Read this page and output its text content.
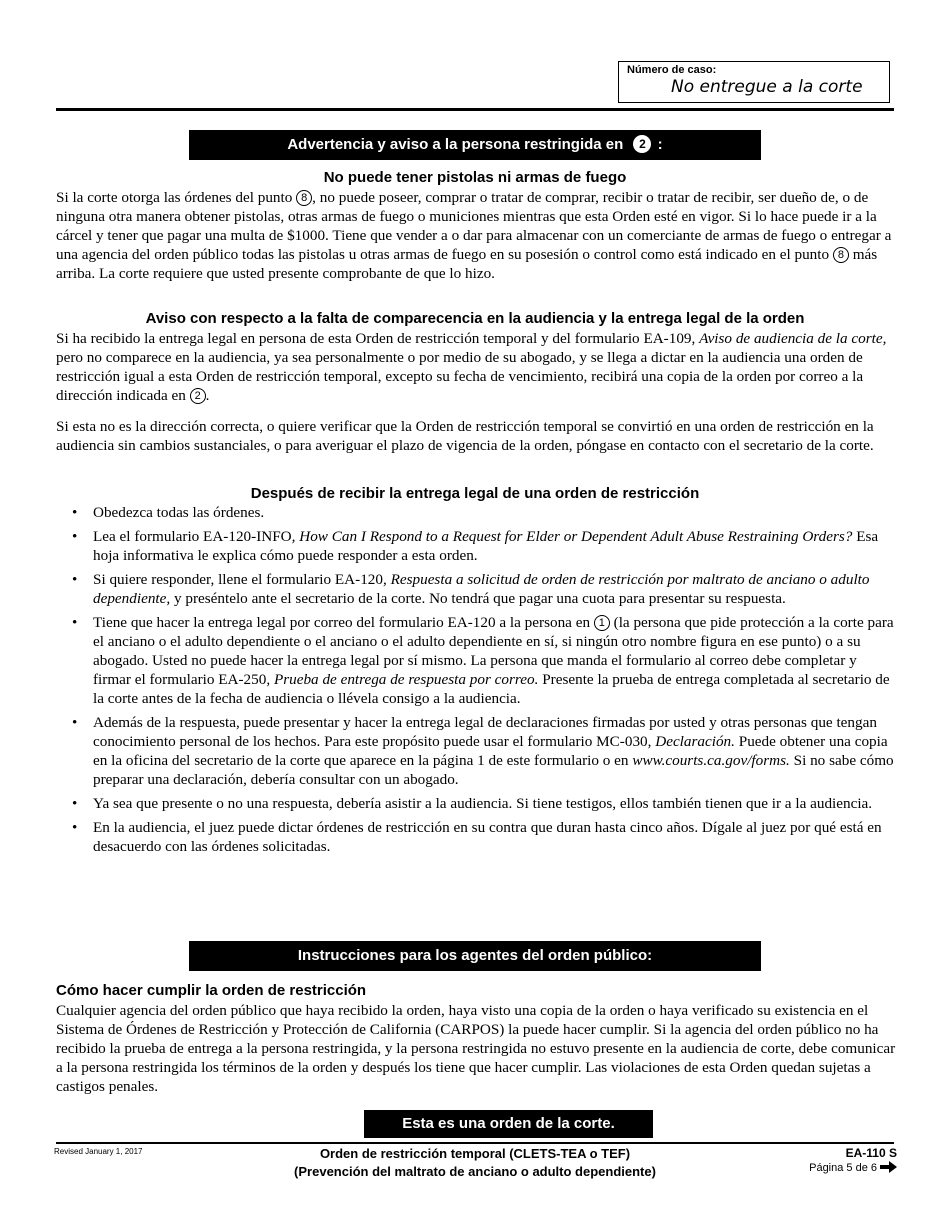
Número de caso:
No entregue a la corte
Advertencia y aviso a la persona restringida en 2 :
No puede tener pistolas ni armas de fuego
Si la corte otorga las órdenes del punto 8 , no puede poseer, comprar o tratar de comprar, recibir o tratar de recibir, ser dueño de, o de ninguna otra manera obtener pistolas, otras armas de fuego o municiones mientras que esta Orden esté en vigor. Si lo hace puede ir a la cárcel y tener que pagar una multa de $1000. Tiene que vender a o dar para almacenar con un comerciante de armas de fuego o entregar a una agencia del orden público todas las pistolas u otras armas de fuego en su posesión o control como está indicado en el punto 8 más arriba. La corte requiere que usted presente comprobante de que lo hizo.
Aviso con respecto a la falta de comparecencia en la audiencia y la entrega legal de la orden
Si ha recibido la entrega legal en persona de esta Orden de restricción temporal y del formulario EA-109, Aviso de audiencia de la corte, pero no comparece en la audiencia, ya sea personalmente o por medio de su abogado, y se llega a dictar en la audiencia una orden de restricción igual a esta Orden de restricción temporal, excepto su fecha de vencimiento, recibirá una copia de la orden por correo a la dirección indicada en 2 .
Si esta no es la dirección correcta, o quiere verificar que la Orden de restricción temporal se convirtió en una orden de restricción en la audiencia sin cambios sustanciales, o para averiguar el plazo de vigencia de la orden, póngase en contacto con el secretario de la corte.
Después de recibir la entrega legal de una orden de restricción
• Obedezca todas las órdenes.
• Lea el formulario EA-120-INFO, How Can I Respond to a Request for Elder or Dependent Adult Abuse Restraining Orders? Esa hoja informativa le explica cómo puede responder a esta orden.
• Si quiere responder, llene el formulario EA-120, Respuesta a solicitud de orden de restricción por maltrato de anciano o adulto dependiente, y preséntelo ante el secretario de la corte. No tendrá que pagar una cuota para presentar su respuesta.
• Tiene que hacer la entrega legal por correo del formulario EA-120 a la persona en 1 (la persona que pide protección a la corte para el anciano o el adulto dependiente o el anciano o el adulto dependiente en sí, si ningún otro nombre figura en ese punto) o a su abogado. Usted no puede hacer la entrega legal por sí mismo. La persona que manda el formulario al correo debe completar y firmar el formulario EA-250, Prueba de entrega de respuesta por correo. Presente la prueba de entrega completada al secretario de la corte antes de la fecha de audiencia o llévela consigo a la audiencia.
• Además de la respuesta, puede presentar y hacer la entrega legal de declaraciones firmadas por usted y otras personas que tengan conocimiento personal de los hechos. Para este propósito puede usar el formulario MC-030, Declaración. Puede obtener una copia en la oficina del secretario de la corte que aparece en la página 1 de este formulario o en www.courts.ca.gov/forms. Si no sabe cómo preparar una declaración, debería consultar con un abogado.
• Ya sea que presente o no una respuesta, debería asistir a la audiencia. Si tiene testigos, ellos también tienen que ir a la audiencia.
• En la audiencia, el juez puede dictar órdenes de restricción en su contra que duran hasta cinco años. Dígale al juez por qué está en desacuerdo con las órdenes solicitadas.
Instrucciones para los agentes del orden público:
Cómo hacer cumplir la orden de restricción
Cualquier agencia del orden público que haya recibido la orden, haya visto una copia de la orden o haya verificado su existencia en el Sistema de Órdenes de Restricción y Protección de California (CARPOS) la puede hacer cumplir. Si la agencia del orden público no ha recibido la prueba de entrega a la persona restringida, y la persona restringida no estuvo presente en la audiencia de corte, debe comunicar a la persona restringida los términos de la orden y después los tiene que hacer cumplir. Las violaciones de esta Orden quedan sujetas a castigos penales.
Esta es una orden de la corte.
Revised January 1, 2017	Orden de restricción temporal (CLETS-TEA o TEF)
(Prevención del maltrato de anciano o adulto dependiente)
EA-110 S
Página 5 de 6
